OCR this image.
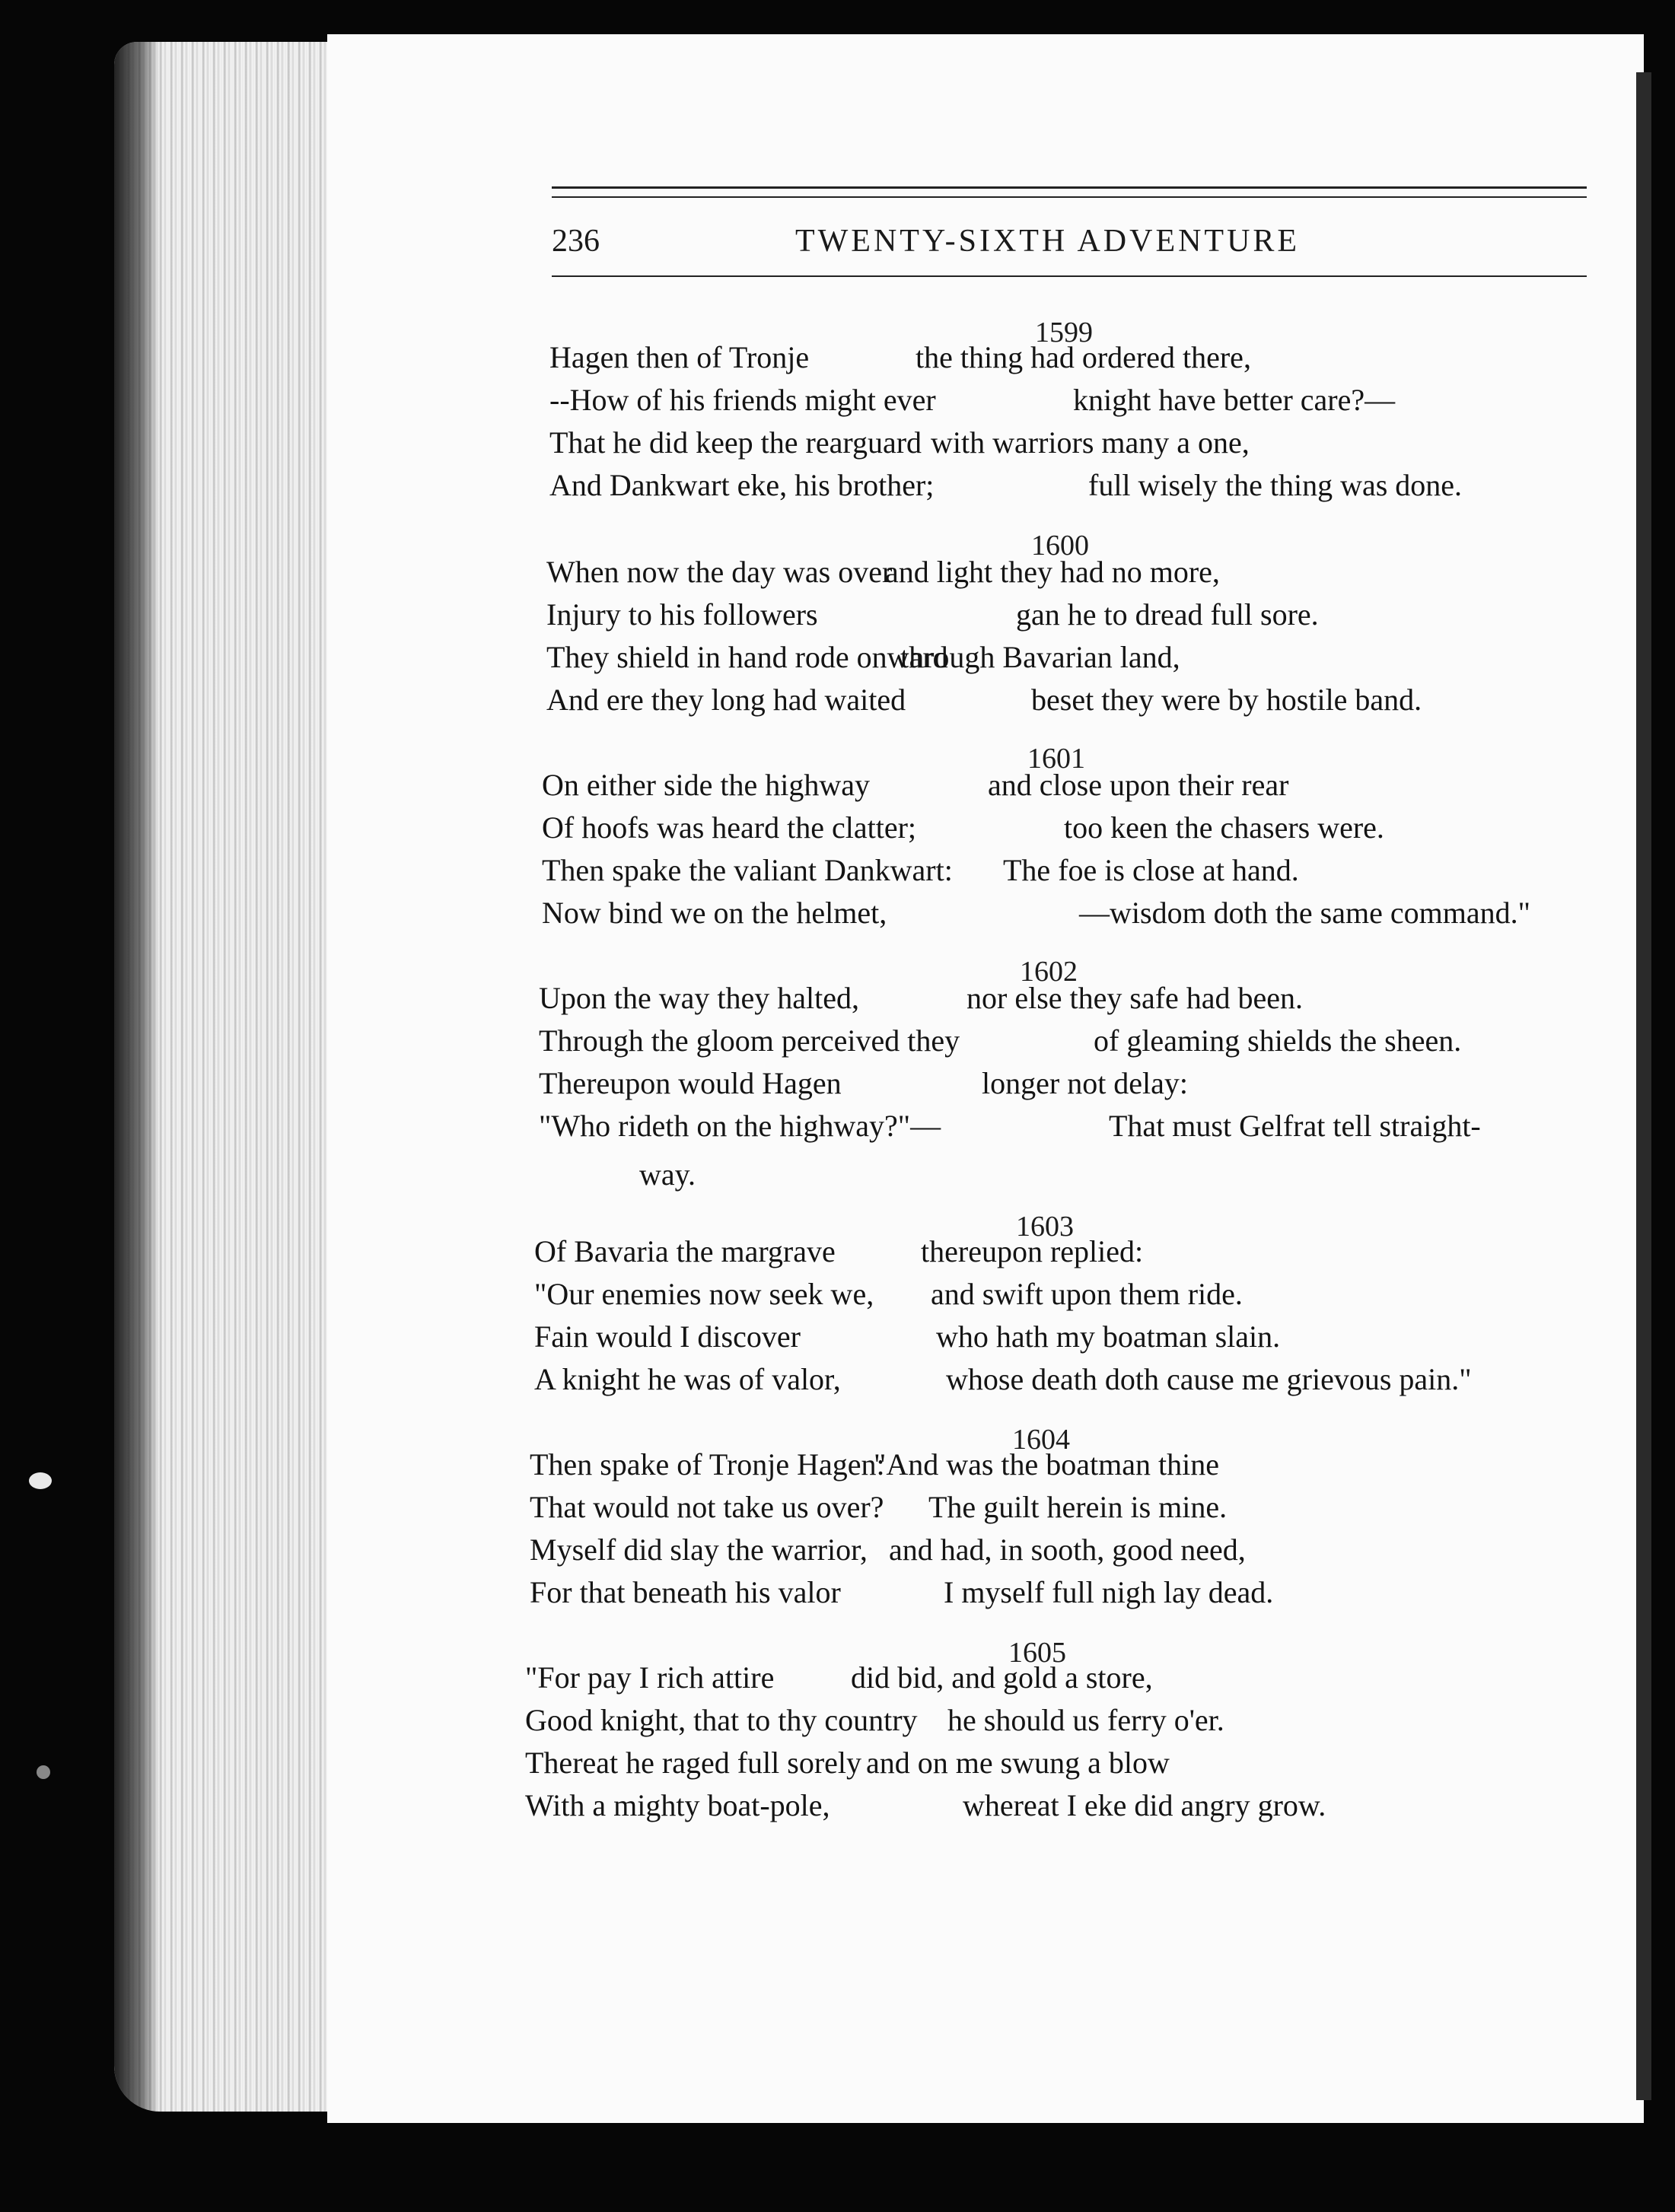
236	TWENTY-SIXTH ADVENTURE
1599
Hagen then of Tronje	the thing had ordered there,
--How of his friends might ever	knight have better care?—
That he did keep the rearguard with warriors many a one,
And Dankwart eke, his brother;	full wisely the thing was done.
1600
When now the day was over
and light they had no more,
Injury to his followers	gan he to dread full sore.
They shield in hand rode onward
through Bavarian land,
And ere they long had waited	beset they were by hostile band.
1601
On either side the highway	and close upon their rear
Of hoofs was heard the clatter;	too keen the chasers were.
Then spake the valiant Dankwart: The foe is close at hand.
Now bind we on the helmet,	—wisdom doth the same command."
1602
Upon the way they halted,	nor else they safe had been.
Through the gloom perceived they	of gleaming shields the sheen.
Thereupon would Hagen	longer not delay:
"Who rideth on the highway?"—	That must Gelfrat tell straight-
way.
1603
Of Bavaria the margrave	thereupon replied:
"Our enemies now seek we, and swift upon them ride.
Fain would I discover	who hath my boatman slain.
A knight he was of valor,	whose death doth cause me grievous pain."
1604
Then spake of Tronje Hagen:
"And was the boatman thine
That would not take us over? The guilt herein is mine.
Myself did slay the warrior, and had, in sooth, good need,
For that beneath his valor	I myself full nigh lay dead.
1605
"For pay I rich attire	did bid, and gold a store,
Good knight, that to thy country he should us ferry o'er.
Thereat he raged full sorely and on me swung a blow
With a mighty boat-pole,	whereat I eke did angry grow.
